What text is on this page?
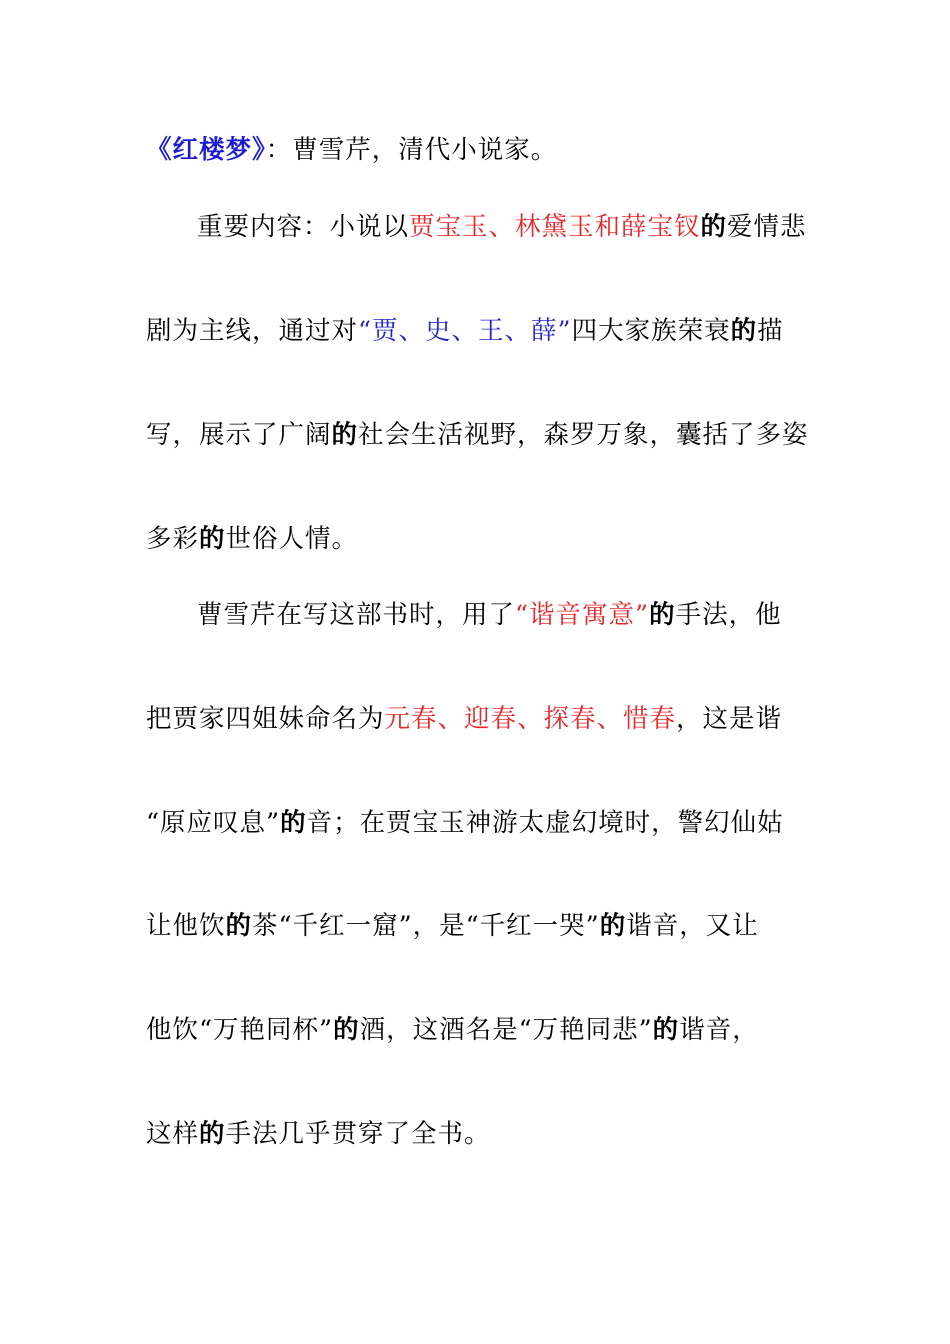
《红楼梦》：曹雪芹，清代小说家。
重要内容：小说以贾宝玉、林黛玉和薛宝钗的爱情悲
剧为主线，通过对“贾、史、王、薛”四大家族荣衰的描
写，展示了广阔的社会生活视野，森罗万象，囊括了多姿
多彩的世俗人情。
曹雪芹在写这部书时，用了“谐音寓意”的手法，他
把贾家四姐妹命名为元春、迎春、探春、惜春，这是谐
“原应叹息”的音；在贾宝玉神游太虚幻境时，警幻仙姑
让他饮的茶“千红一窟”，是“千红一哭”的谐音，又让
他饮“万艳同杯”的酒，这酒名是“万艳同悲”的谐音，
这样的手法几乎贯穿了全书。
